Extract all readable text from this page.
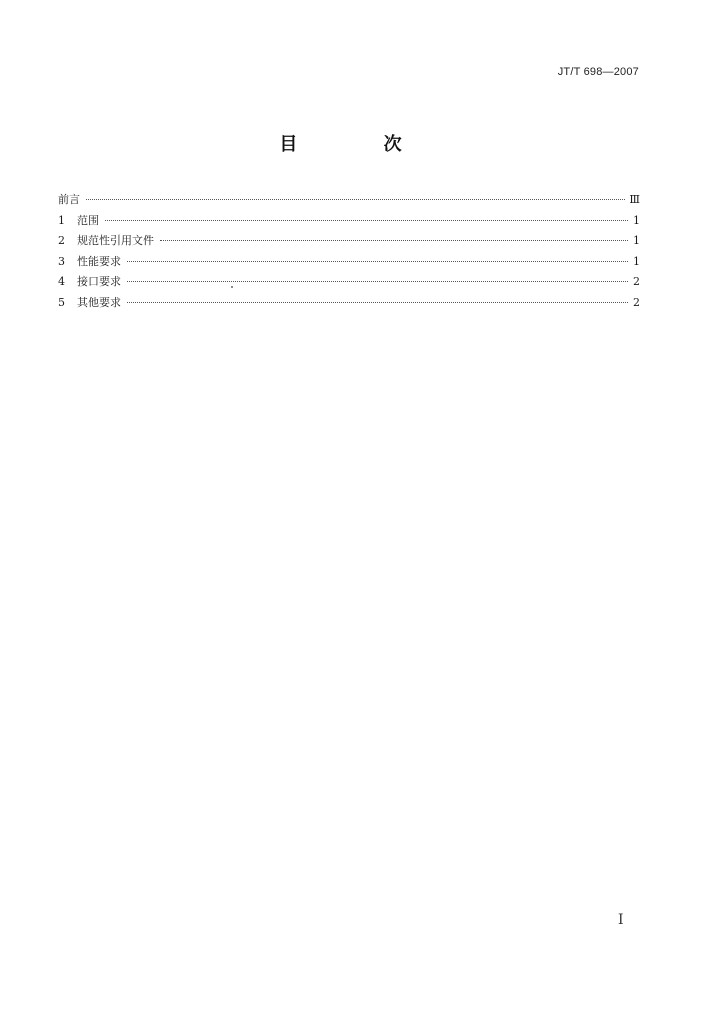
JT/T 698—2007
目 次
前言	Ⅲ
1	范围	1
2	规范性引用文件	1
3	性能要求	1
4	接口要求	2
5	其他要求	2
I
